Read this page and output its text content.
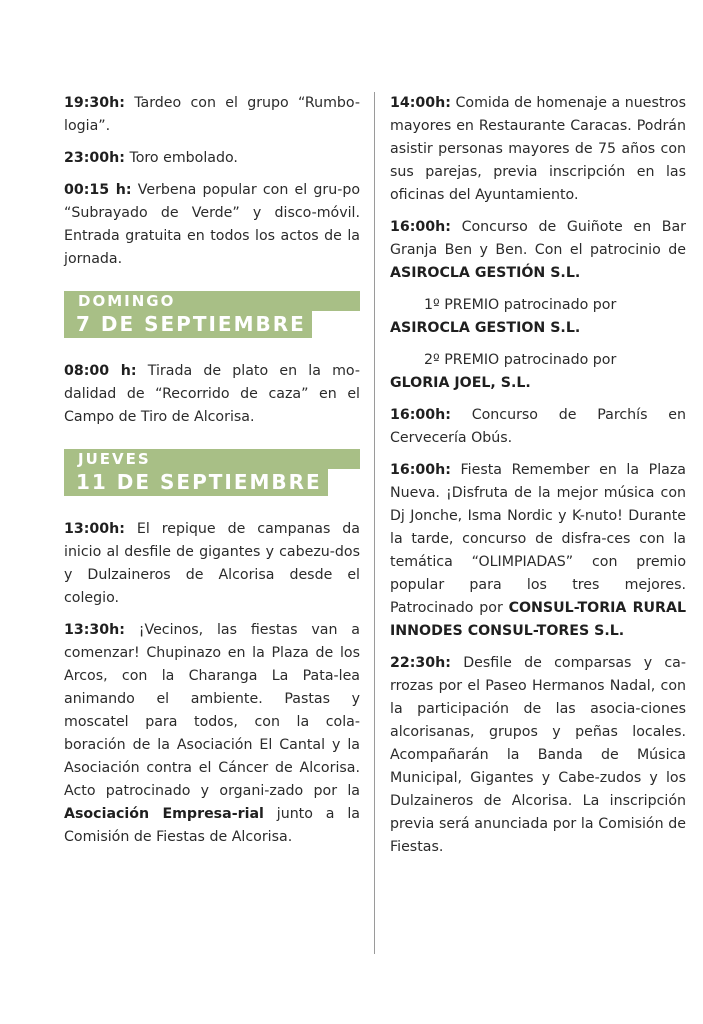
19:30h: Tardeo con el grupo “Rumbo-logia”.

23:00h: Toro embolado.

00:15 h: Verbena popular con el gru-po “Subrayado de Verde” y disco-móvil. Entrada gratuita en todos los actos de la jornada.

DOMINGO
7 DE SEPTIEMBRE

08:00 h: Tirada de plato en la mo-dalidad de “Recorrido de caza” en el Campo de Tiro de Alcorisa.

JUEVES
11 DE SEPTIEMBRE

13:00h: El repique de campanas da inicio al desfile de gigantes y cabezu-dos y Dulzaineros de Alcorisa desde el colegio.

13:30h: ¡Vecinos, las fiestas van a comenzar! Chupinazo en la Plaza de los Arcos, con la Charanga La Pata-lea animando el ambiente. Pastas y moscatel para todos, con la cola-boración de la Asociación El Cantal y la Asociación contra el Cáncer de Alcorisa. Acto patrocinado y organi-zado por la Asociación Empresa-rial junto a la Comisión de Fiestas de Alcorisa.

14:00h: Comida de homenaje a nuestros mayores en Restaurante Caracas. Podrán asistir personas mayores de 75 años con sus parejas, previa inscripción en las oficinas del Ayuntamiento.

16:00h: Concurso de Guiñote en Bar Granja Ben y Ben. Con el patrocinio de ASIROCLA GESTIÓN S.L.

1º PREMIO patrocinado por
ASIROCLA GESTION S.L.

2º PREMIO patrocinado por
GLORIA JOEL, S.L.

16:00h: Concurso de Parchís en Cervecería Obús.

16:00h: Fiesta Remember en la Plaza Nueva. ¡Disfruta de la mejor música con Dj Jonche, Isma Nordic y K-nuto! Durante la tarde, concurso de disfra-ces con la temática “OLIMPIADAS” con premio popular para los tres mejores. Patrocinado por CONSUL-TORIA RURAL INNODES CONSUL-TORES S.L.

22:30h: Desfile de comparsas y ca-rrozas por el Paseo Hermanos Nadal, con la participación de las asocia-ciones alcorisanas, grupos y peñas locales. Acompañarán la Banda de Música Municipal, Gigantes y Cabe-zudos y los Dulzaineros de Alcorisa. La inscripción previa será anunciada por la Comisión de Fiestas.
